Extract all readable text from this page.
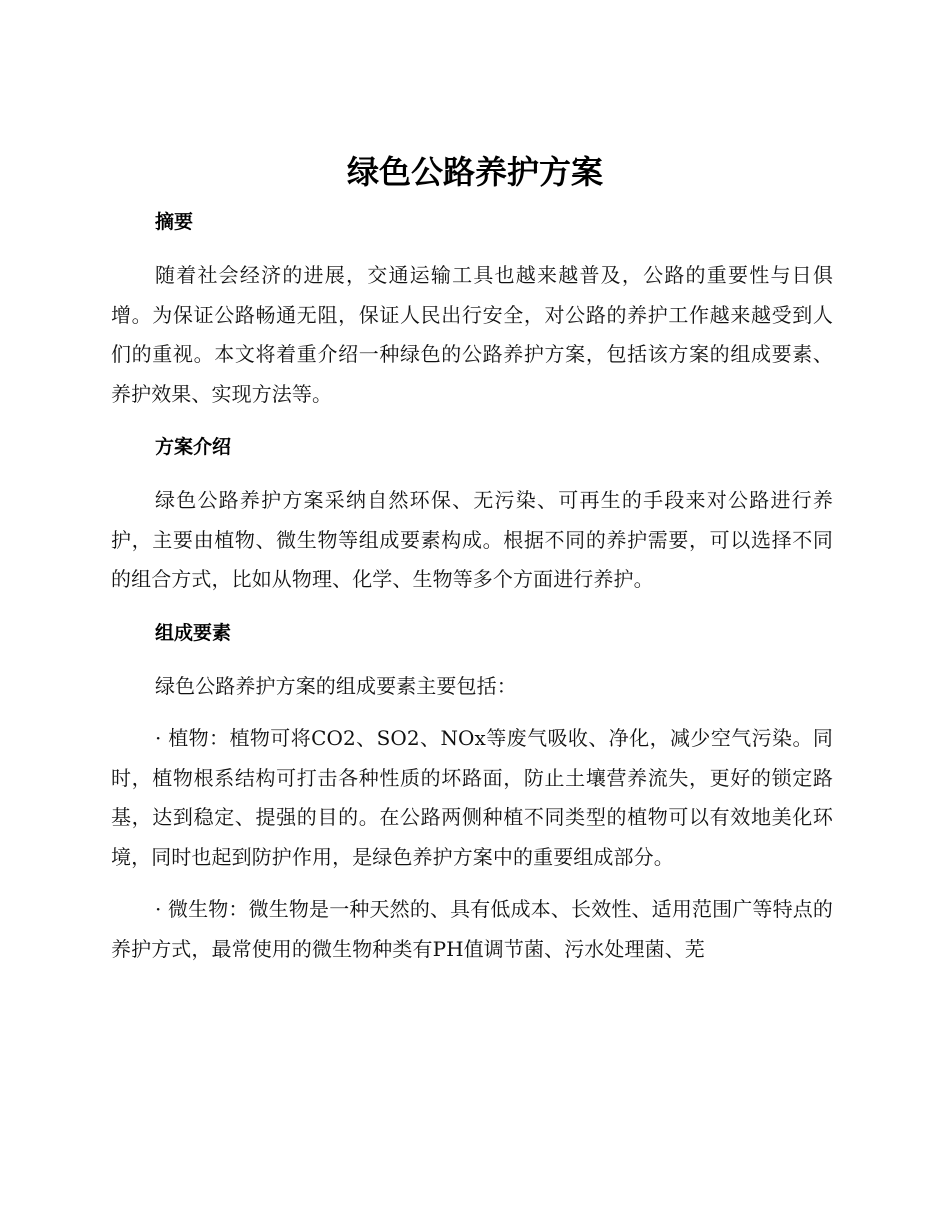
绿色公路养护方案
摘要

随着社会经济的进展，交通运输工具也越来越普及，公路的重要性与日俱增。为保证公路畅通无阻，保证人民出行安全，对公路的养护工作越来越受到人们的重视。本文将着重介绍一种绿色的公路养护方案，包括该方案的组成要素、养护效果、实现方法等。

方案介绍

绿色公路养护方案采纳自然环保、无污染、可再生的手段来对公路进行养护，主要由植物、微生物等组成要素构成。根据不同的养护需要，可以选择不同的组合方式，比如从物理、化学、生物等多个方面进行养护。

组成要素

绿色公路养护方案的组成要素主要包括：

· 植物：植物可将CO2、SO2、NOx等废气吸收、净化，减少空气污染。同时，植物根系结构可打击各种性质的坏路面，防止土壤营养流失，更好的锁定路基，达到稳定、提强的目的。在公路两侧种植不同类型的植物可以有效地美化环境，同时也起到防护作用，是绿色养护方案中的重要组成部分。

· 微生物：微生物是一种天然的、具有低成本、长效性、适用范围广等特点的养护方式，最常使用的微生物种类有PH值调节菌、污水处理菌、芜
